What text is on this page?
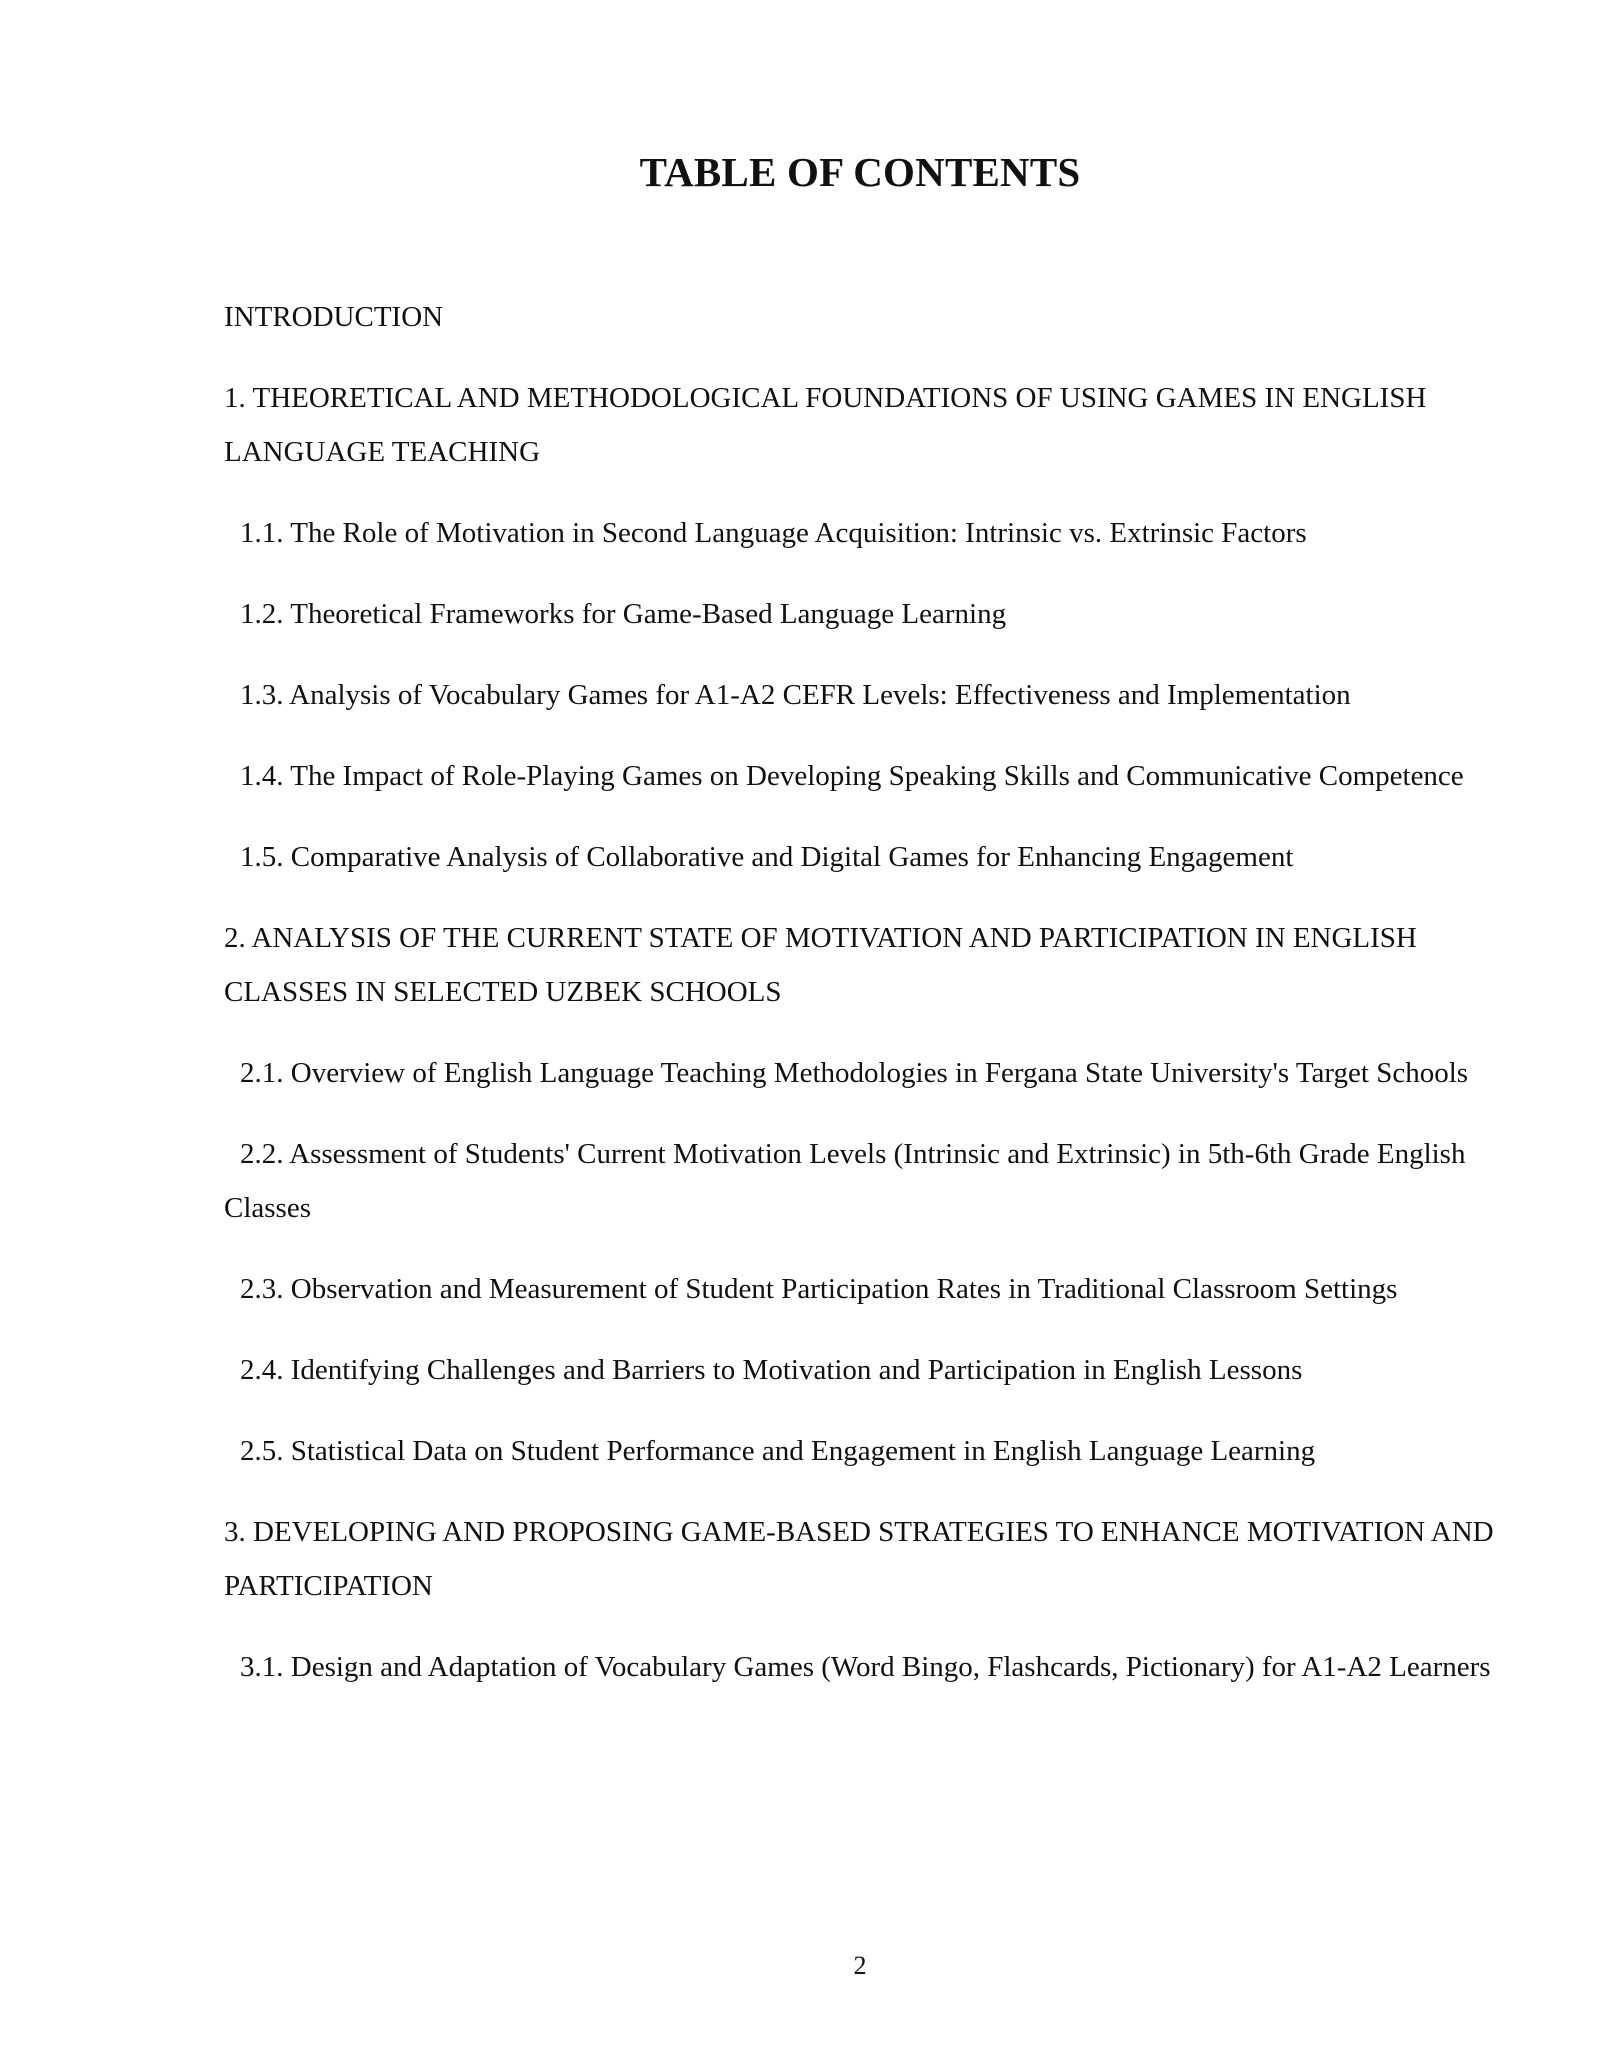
TABLE OF CONTENTS
INTRODUCTION
1. THEORETICAL AND METHODOLOGICAL FOUNDATIONS OF USING GAMES IN ENGLISH LANGUAGE TEACHING
1.1. The Role of Motivation in Second Language Acquisition: Intrinsic vs. Extrinsic Factors
1.2. Theoretical Frameworks for Game-Based Language Learning
1.3. Analysis of Vocabulary Games for A1-A2 CEFR Levels: Effectiveness and Implementation
1.4. The Impact of Role-Playing Games on Developing Speaking Skills and Communicative Competence
1.5. Comparative Analysis of Collaborative and Digital Games for Enhancing Engagement
2. ANALYSIS OF THE CURRENT STATE OF MOTIVATION AND PARTICIPATION IN ENGLISH CLASSES IN SELECTED UZBEK SCHOOLS
2.1. Overview of English Language Teaching Methodologies in Fergana State University's Target Schools
2.2. Assessment of Students' Current Motivation Levels (Intrinsic and Extrinsic) in 5th-6th Grade English Classes
2.3. Observation and Measurement of Student Participation Rates in Traditional Classroom Settings
2.4. Identifying Challenges and Barriers to Motivation and Participation in English Lessons
2.5. Statistical Data on Student Performance and Engagement in English Language Learning
3. DEVELOPING AND PROPOSING GAME-BASED STRATEGIES TO ENHANCE MOTIVATION AND PARTICIPATION
3.1. Design and Adaptation of Vocabulary Games (Word Bingo, Flashcards, Pictionary) for A1-A2 Learners
2
